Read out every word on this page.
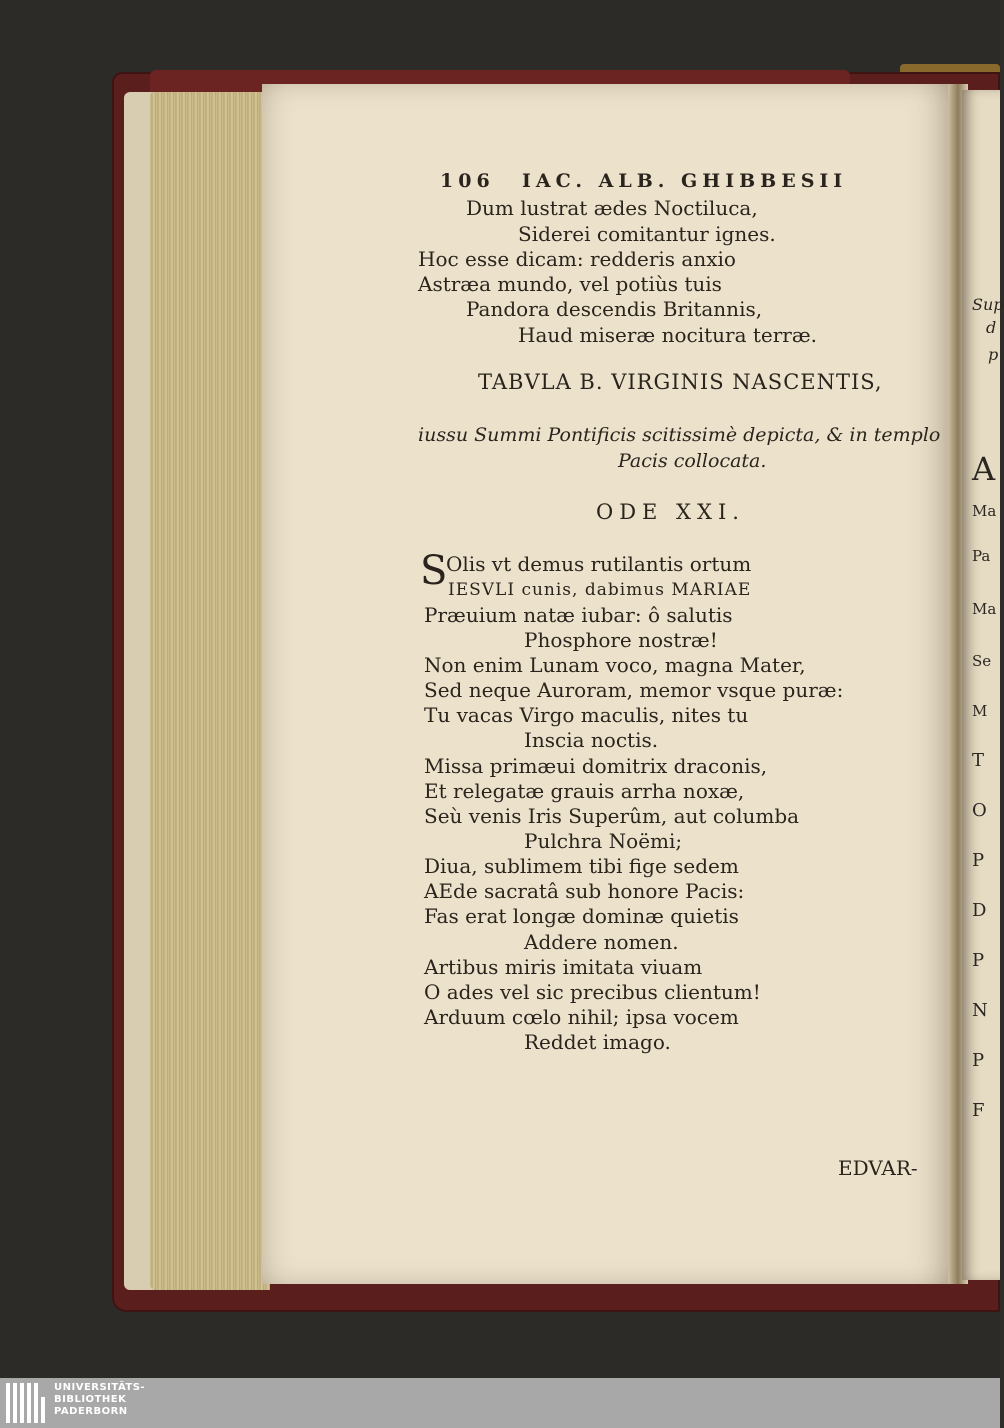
Sup
d
p
A
Ma
Pa
Ma
Se
M
T
O
P
D
P
N
P
F
106 IAC. ALB. GHIBBESII
Dum lustrat ædes Noctiluca,
Siderei comitantur ignes.
Hoc esse dicam: redderis anxio
Astræa mundo, vel potiùs tuis
Pandora descendis Britannis,
Haud miseræ nocitura terræ.
TABVLA B. VIRGINIS NASCENTIS,
iussu Summi Pontificis scitissimè depicta, & in templo
Pacis collocata.
ODE XXI.
S
Olis vt demus rutilantis ortum
IESVLI cunis, dabimus MARIAE
Præuium natæ iubar: ô salutis
Phosphore nostræ!
Non enim Lunam voco, magna Mater,
Sed neque Auroram, memor vsque puræ:
Tu vacas Virgo maculis, nites tu
Inscia noctis.
Missa primæui domitrix draconis,
Et relegatæ grauis arrha noxæ,
Seù venis Iris Superûm, aut columba
Pulchra Noëmi;
Diua, sublimem tibi fige sedem
AEde sacratâ sub honore Pacis:
Fas erat longæ dominæ quietis
Addere nomen.
Artibus miris imitata viuam
O ades vel sic precibus clientum!
Arduum cœlo nihil; ipsa vocem
Reddet imago.
EDVAR-
UNIVERSITÄTS-
BIBLIOTHEK
PADERBORN
